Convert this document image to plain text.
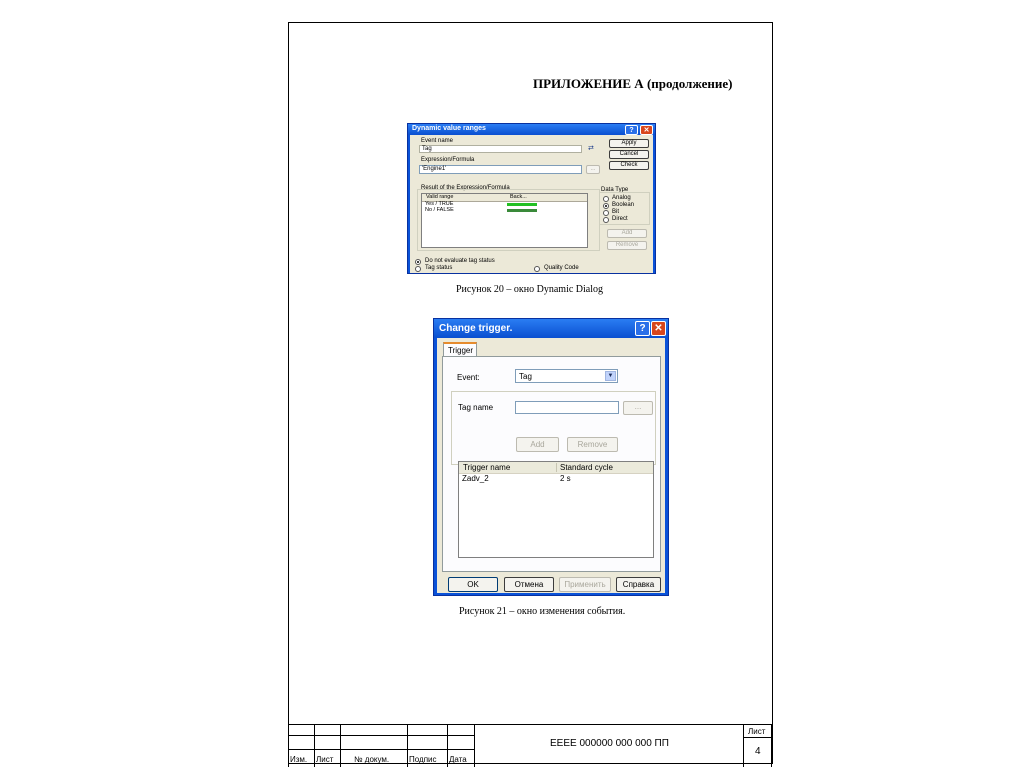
ПРИЛОЖЕНИЕ А (продолжение)
Dynamic value ranges	?	✕
Event name
Tag	⇄
Expression/Formula
'Engine1'	...
Apply
Cancel
Check
Result of the Expression/Formula
Valid range	Back...
Yes / TRUE
No / FALSE
Data Type
Analog
Boolean
Bit
Direct
Add
Remove
Do not evaluate tag status
Tag status	Quality Code
Рисунок 20 – окно Dynamic Dialog
Change trigger.	? ✕
Trigger
Event:	Tag	▼
Tag name	...
Add	Remove
Trigger name	Standard cycle
Zadv_2	2 s
OK	Отмена	Применить	Справка
Рисунок 21 – окно изменения события.
Изм. Лист	№ докум. Подпис Дата
ЕЕЕЕ 000000 000 000 ПП
Лист
4
